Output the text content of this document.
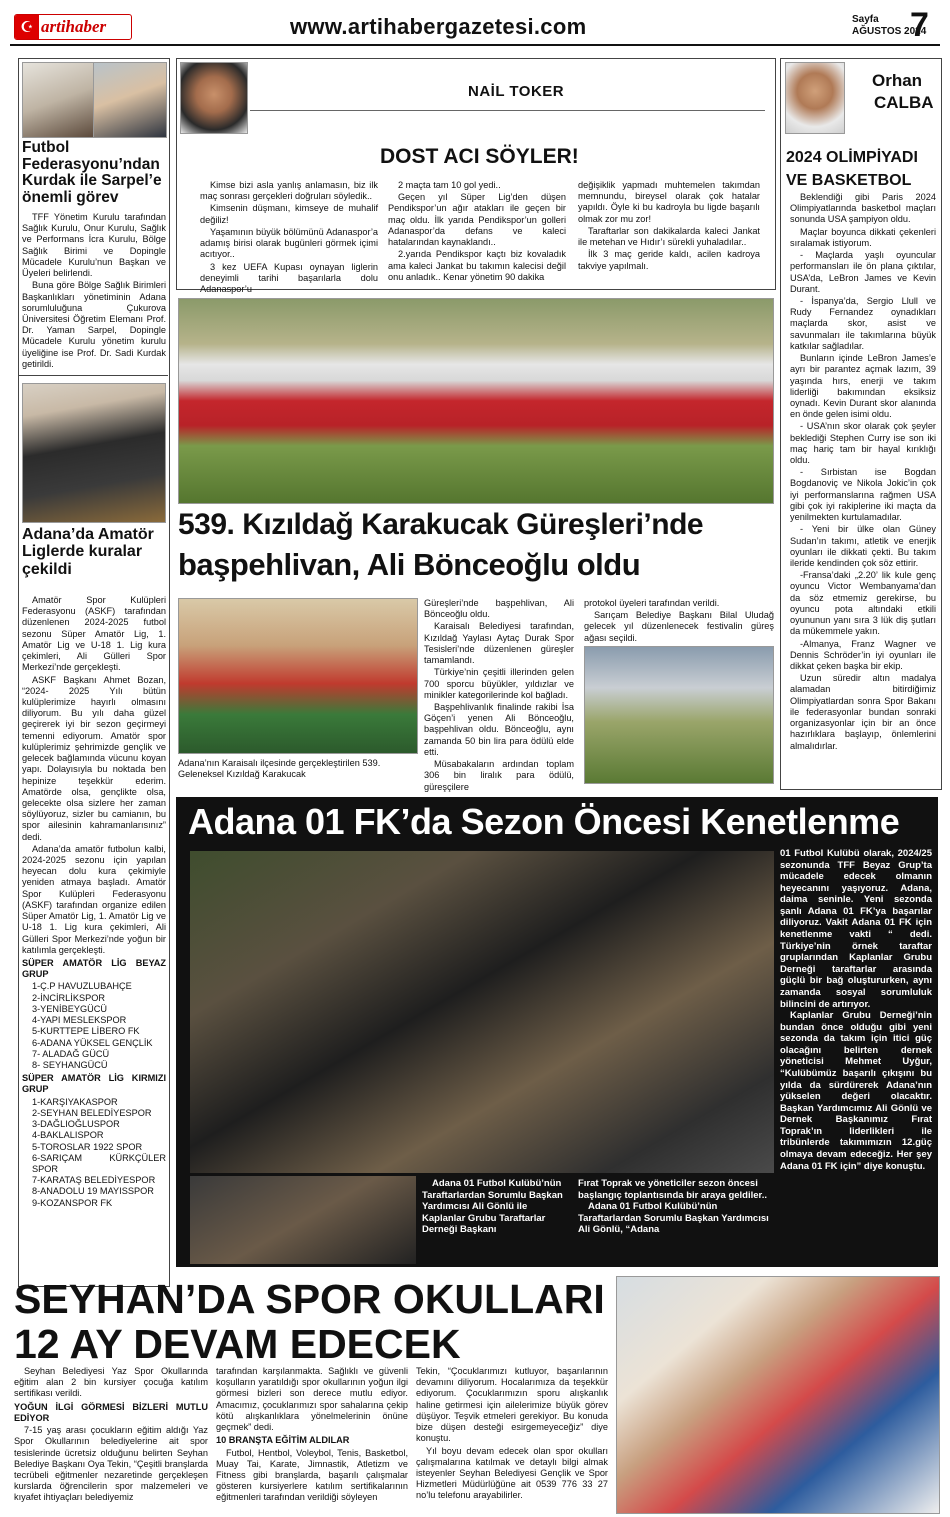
☪ artihaber	www.artihabergazetesi.com	Sayfa
AĞUSTOS 2024
7
Futbol Federasyonu’ndan Kurdak ile Sarpel’e önemli görev

TFF Yönetim Kurulu tarafından Sağlık Kurulu, Onur Kurulu, Sağlık ve Performans İcra Kurulu, Bölge Sağlık Birimi ve Dopingle Mücadele Kurulu’nun Başkan ve Üyeleri belirlendi.

Buna göre Bölge Sağlık Birimleri Başkanlıkları yönetiminin Adana sorumluluğuna Çukurova Üniversitesi Öğretim Elemanı Prof. Dr. Yaman Sarpel, Dopingle Mücadele Kurulu yönetim kurulu üyeliğine ise Prof. Dr. Sadi Kurdak getirildi.

Adana’da Amatör Liglerde kuralar çekildi

Amatör Spor Kulüpleri Federasyonu (ASKF) tarafından düzenlenen 2024-2025 futbol sezonu Süper Amatör Lig, 1. Amatör Lig ve U-18 1. Lig kura çekimleri, Ali Gülleri Spor Merkezi’nde gerçekleşti.

ASKF Başkanı Ahmet Bozan, “2024- 2025 Yılı bütün kulüplerimize hayırlı olmasını diliyorum. Bu yılı daha güzel geçirerek iyi bir sezon geçirmeyi temenni ediyorum. Amatör spor kulüplerimiz şehrimizde gençlik ve gelecek bağlamında vücunu koyan yapı. Dolayısıyla bu noktada ben hepinize teşekkür ederim. Amatörde olsa, gençlikte olsa, gelecekte olsa sizlere her zaman söylüyoruz, sizler bu camianın, bu spor ailesinin kahramanlarısınız” dedi.

Adana’da amatör futbolun kalbi, 2024-2025 sezonu için yapılan heyecan dolu kura çekimiyle yeniden atmaya başladı. Amatör Spor Kulüpleri Federasyonu (ASKF) tarafından organize edilen Süper Amatör Lig, 1. Amatör Lig ve U-18 1. Lig kura çekimleri, Ali Gülleri Spor Merkezi’nde yoğun bir katılımla gerçekleşti.

SÜPER AMATÖR LİG BEYAZ GRUP
1-Ç.P HAVUZLUBAHÇE
2-İNCİRLİKSPOR
3-YENİBEYGÜCÜ
4-YAPI MESLEKSPOR
5-KURTTEPE LİBERO FK
6-ADANA YÜKSEL GENÇLİK
7- ALADAĞ GÜCÜ
8- SEYHANGÜCÜ
SÜPER AMATÖR LİG KIRMIZI GRUP
1-KARŞIYAKASPOR
2-SEYHAN BELEDİYESPOR
3-DAĞLIOĞLUSPOR
4-BAKLALISPOR
5-TOROSLAR 1922 SPOR
6-SARIÇAM KÜRKÇÜLER SPOR
7-KARATAŞ BELEDİYESPOR
8-ANADOLU 19 MAYISSPOR
9-KOZANSPOR FK
NAİL TOKER
DOST ACI SÖYLER!

Kimse bizi asla yanlış anlamasın, biz ilk maç sonrası gerçekleri doğruları söyledik..

Kimsenin düşmanı, kimseye de muhalif değiliz!

Yaşamının büyük bölümünü Adanaspor’a adamış birisi olarak bugünleri görmek içimi acıtıyor..

3 kez UEFA Kupası oynayan liglerin deneyimli tarihi başarılarla dolu Adanaspor’u

2 maçta tam 10 gol yedi..

Geçen yıl Süper Lig’den düşen Pendikspor’un ağır atakları ile geçen bir maç oldu. İlk yarıda Pendikspor’un golleri Adanaspor’da defans ve kaleci hatalarından kaynaklandı..

2.yarıda Pendikspor kaçtı biz kovaladık ama kaleci Jankat bu takımın kalecisi değil onu anladık.. Kenar yönetim 90 dakika

değişiklik yapmadı muhtemelen takımdan memnundu, bireysel olarak çok hatalar yapıldı. Öyle ki bu kadroyla bu ligde başarılı olmak zor mu zor!

Taraftarlar son dakikalarda kaleci Jankat ile metehan ve Hıdır’ı sürekli yuhaladılar..

İlk 3 maç geride kaldı, acilen kadroya takviye yapılmalı.

539. Kızıldağ Karakucak Güreşleri’nde
başpehlivan, Ali Bönceoğlu oldu
Adana’nın Karaisalı ilçesinde gerçekleştirilen 539. Geleneksel Kızıldağ Karakucak

Güreşleri’nde başpehlivan, Ali Bönceoğlu oldu.

Karaisalı Belediyesi tarafından, Kızıldağ Yaylası Aytaç Durak Spor Tesisleri’nde düzenlenen güreşler tamamlandı.

Türkiye’nin çeşitli illerinden gelen 700 sporcu büyükler, yıldızlar ve minikler kategorilerinde kol bağladı.

Başpehlivanlık finalinde rakibi İsa Göçen’i yenen Ali Bönceoğlu, başpehlivan oldu. Bönceoğlu, aynı zamanda 50 bin lira para ödülü elde etti.

Müsabakaların ardından toplam 306 bin liralık para ödülü, güreşçilere

protokol üyeleri tarafından verildi.

Sarıçam Belediye Başkanı Bilal Uludağ gelecek yıl düzenlenecek festivalin güreş ağası seçildi.

Orhan
CALBA
2024 OLİMPİYADI VE BASKETBOL

Beklendiği gibi Paris 2024 Olimpiyatlarında basketbol maçları sonunda USA şampiyon oldu.

Maçlar boyunca dikkati çekenleri sıralamak istiyorum.

- Maçlarda yaşlı oyuncular performansları ile ön plana çıktılar, USA’da, LeBron James ve Kevin Durant.

- İspanya’da, Sergio Llull ve Rudy Fernandez oynadıkları maçlarda skor, asist ve savunmaları ile takımlarına büyük katkılar sağladılar.

Bunların içinde LeBron James’e ayrı bir parantez açmak lazım, 39 yaşında hırs, enerji ve takım liderliği bakımından eksiksiz oynadı. Kevin Durant skor alanında en önde gelen isimi oldu.

- USA’nın skor olarak çok şeyler beklediği Stephen Curry ise son iki maç hariç tam bir hayal kırıklığı oldu.

- Sırbistan ise Bogdan Bogdanoviç ve Nikola Jokic’in çok iyi performanslarına rağmen USA gibi çok iyi rakiplerine iki maçta da yenilmekten kurtulamadılar.

- Yeni bir ülke olan Güney Sudan’ın takımı, atletik ve enerjik oyunları ile dikkati çekti. Bu takım ileride kendinden çok söz ettirir.

-Fransa’daki „2.20’ lik kule genç oyuncu Victor Wembanyama’dan da söz etmemiz gerekirse, bu oyuncu pota altındaki etkili oyununun yanı sıra 3 lük diş şutları da mükemmele yakın.

-Almanya, Franz Wagner ve Dennis Schröder’in iyi oyunları ile dikkat çeken başka bir ekip.

Uzun süredir altın madalya alamadan bitirdiğimiz Olimpiyatlardan sonra Spor Bakanı ile federasyonlar bundan sonraki organizasyonlar için bir an önce hazırlıklara başlayıp, önlemlerini almalıdırlar.

Adana 01 FK’da Sezon Öncesi Kenetlenme
Adana 01 Futbol Kulübü’nün Taraftarlardan Sorumlu Başkan Yardımcısı Ali Gönlü ile Kaplanlar Grubu Taraftarlar Derneği Başkanı
Fırat Toprak ve yöneticiler sezon öncesi başlangıç toplantısında bir araya geldiler..
Adana 01 Futbol Kulübü’nün Taraftarlardan Sorumlu Başkan Yardımcısı Ali Gönlü, “Adana
01 Futbol Kulübü olarak, 2024/25 sezonunda TFF Beyaz Grup’ta mücadele edecek olmanın heyecanını yaşıyoruz. Adana, daima seninle. Yeni sezonda şanlı Adana 01 FK’ya başarılar diliyoruz. Vakit Adana 01 FK için kenetlenme vakti “ dedi. Türkiye’nin örnek taraftar gruplarından Kaplanlar Grubu Derneği taraftarlar arasında güçlü bir bağ oluştururken, aynı zamanda sosyal sorumluluk bilincini de artırıyor.
Kaplanlar Grubu Derneği’nin bundan önce olduğu gibi yeni sezonda da takım için itici güç olacağını belirten dernek yöneticisi Mehmet Uyğur, “Kulübümüz başarılı çıkışını bu yılda da sürdürerek Adana’nın yükselen değeri olacaktır. Başkan Yardımcımız Ali Gönlü ve Dernek Başkanımız Fırat Toprak’ın liderlikleri ile tribünlerde takımımızın 12.güç olmaya devam edeceğiz. Her şey Adana 01 FK için” diye konuştu.
SEYHAN’DA SPOR OKULLARI
12 AY DEVAM EDECEK

Seyhan Belediyesi Yaz Spor Okullarında eğitim alan 2 bin kursiyer çocuğa katılım sertifikası verildi.

YOĞUN İLGİ GÖRMESİ BİZLERİ MUTLU EDİYOR

7-15 yaş arası çocukların eğitim aldığı Yaz Spor Okullarının belediyelerine ait spor tesislerinde ücretsiz olduğunu belirten Seyhan Belediye Başkanı Oya Tekin, “Çeşitli branşlarda tecrübeli eğitmenler nezaretinde gerçekleşen kurslarda öğrencilerin spor malzemeleri ve kıyafet ihtiyaçları belediyemiz

tarafından karşılanmakta. Sağlıklı ve güvenli koşulların yaratıldığı spor okullarının yoğun ilgi görmesi bizleri son derece mutlu ediyor. Amacımız, çocuklarımızı spor sahalarına çekip kötü alışkanlıklara yönelmelerinin önüne geçmek” dedi.

10 BRANŞTA EĞİTİM ALDILAR

Futbol, Hentbol, Voleybol, Tenis, Basketbol, Muay Tai, Karate, Jimnastik, Atletizm ve Fitness gibi branşlarda, başarılı çalışmalar gösteren kursiyerlere katılım sertifikalarının eğitmenleri tarafından verildiği söyleyen

Tekin, “Çocuklarımızı kutluyor, başarılarının devamını diliyorum. Hocalarımıza da teşekkür ediyorum. Çocuklarımızın sporu alışkanlık haline getirmesi için ailelerimize büyük görev düşüyor. Teşvik etmeleri gerekiyor. Bu konuda bize düşen desteği esirgemeyeceğiz” diye konuştu.

Yıl boyu devam edecek olan spor okulları çalışmalarına katılmak ve detaylı bilgi almak isteyenler Seyhan Belediyesi Gençlik ve Spor Hizmetleri Müdürlüğüne ait 0539 776 33 27 no’lu telefonu arayabilirler.
